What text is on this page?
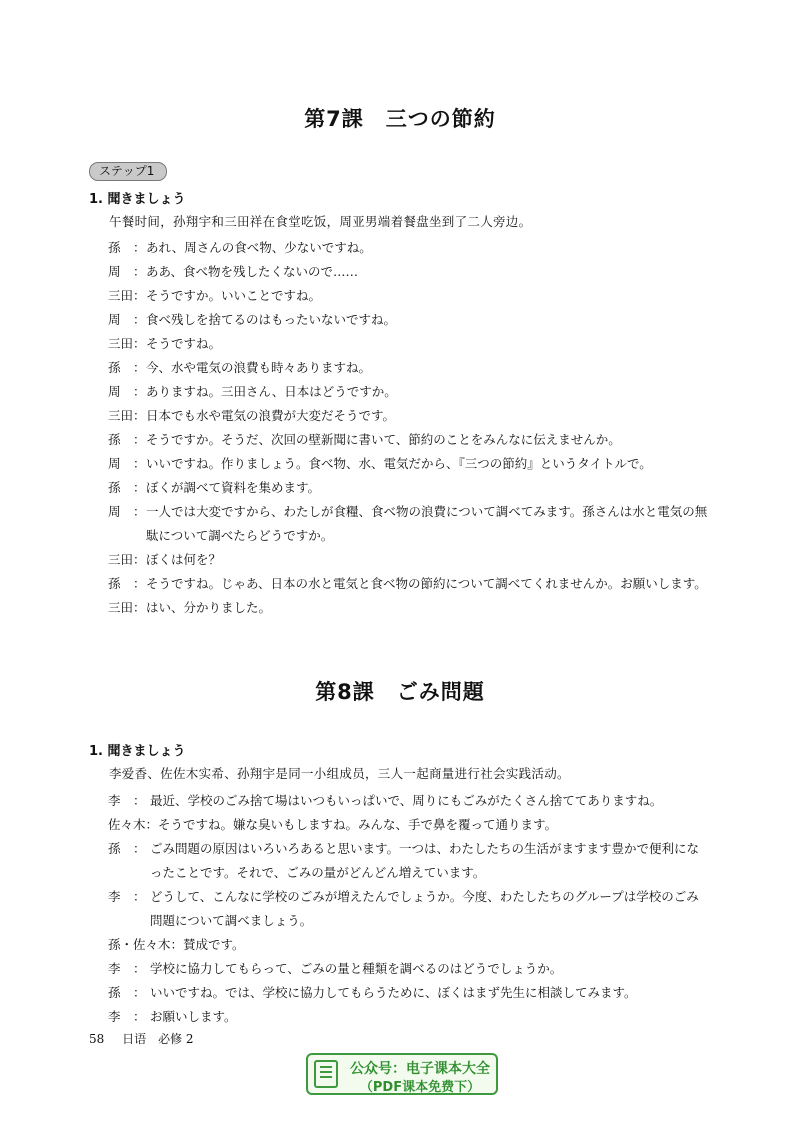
第7課　三つの節約
ステップ1
1. 聞きましょう
午餐时间，孙翔宇和三田祥在食堂吃饭，周亚男端着餐盘坐到了二人旁边。
孫　： あれ、周さんの食べ物、少ないですね。
周　： ああ、食べ物を残したくないので……
三田： そうですか。いいことですね。
周　： 食べ残しを捨てるのはもったいないですね。
三田： そうですね。
孫　： 今、水や電気の浪費も時々ありますね。
周　： ありますね。三田さん、日本はどうですか。
三田： 日本でも水や電気の浪費が大変だそうです。
孫　： そうですか。そうだ、次回の壁新聞に書いて、節約のことをみんなに伝えませんか。
周　： いいですね。作りましょう。食べ物、水、電気だから、『三つの節約』というタイトルで。
孫　： ぼくが調べて資料を集めます。
周　： 一人では大変ですから、わたしが食糧、食べ物の浪費について調べてみます。孫さんは水と電気の無駄について調べたらどうですか。
三田： ぼくは何を？
孫　： そうですね。じゃあ、日本の水と電気と食べ物の節約について調べてくれませんか。お願いします。
三田： はい、分かりました。
第8課　ごみ問題
1. 聞きましょう
李爱香、佐佐木实希、孙翔宇是同一小组成员，三人一起商量进行社会实践活动。
李　： 最近、学校のごみ捨て場はいつもいっぱいで、周りにもごみがたくさん捨ててありますね。
佐々木： そうですね。嫌な臭いもしますね。みんな、手で鼻を覆って通ります。
孫　： ごみ問題の原因はいろいろあると思います。一つは、わたしたちの生活がますます豊かで便利になったことです。それで、ごみの量がどんどん増えています。
李　： どうして、こんなに学校のごみが増えたんでしょうか。今度、わたしたちのグループは学校のごみ問題について調べましょう。
孫・佐々木： 賛成です。
李　： 学校に協力してもらって、ごみの量と種類を調べるのはどうでしょうか。
孫　： いいですね。では、学校に協力してもらうために、ぼくはまず先生に相談してみます。
李　： お願いします。
58 日语　必修 2
公众号：电子课本大全
（PDF课本免费下）
